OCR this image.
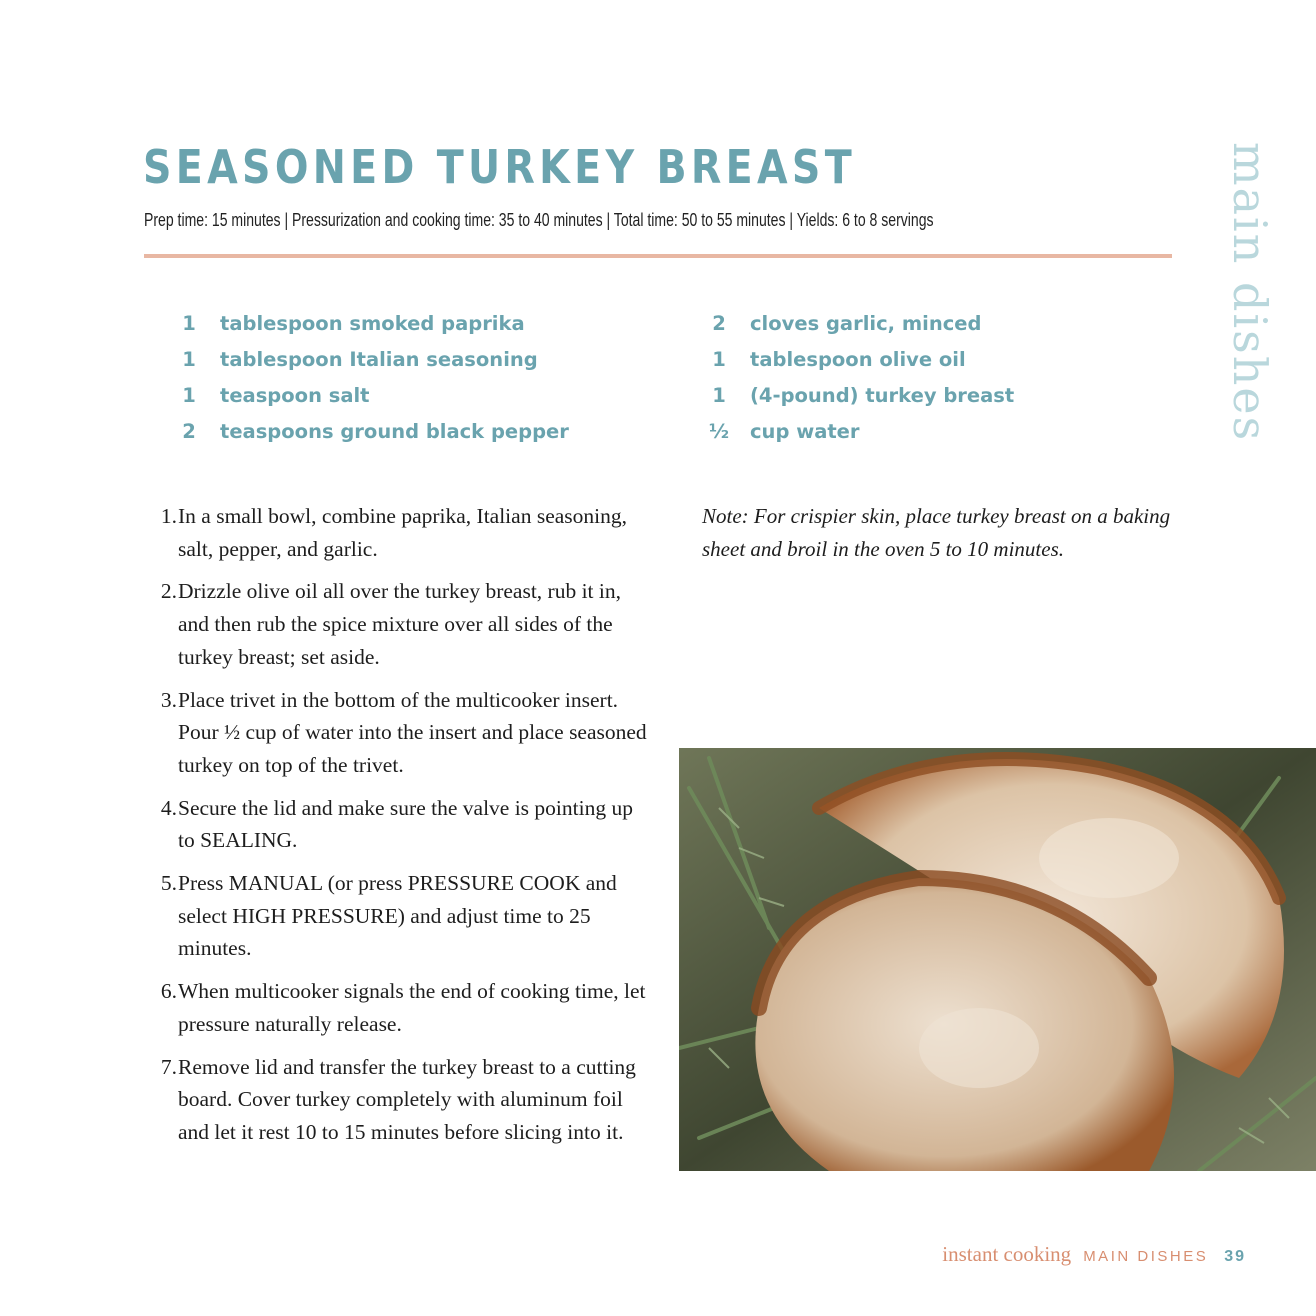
SEASONED TURKEY BREAST
Prep time: 15 minutes | Pressurization and cooking time: 35 to 40 minutes | Total time: 50 to 55 minutes | Yields: 6 to 8 servings	main dishes
1	tablespoon smoked paprika
1	tablespoon Italian seasoning
1	teaspoon salt
2	teaspoons ground black pepper
2	cloves garlic, minced
1	tablespoon olive oil
1	(4-pound) turkey breast
½	cup water
1. In a small bowl, combine paprika, Italian seasoning, salt, pepper, and garlic.
2. Drizzle olive oil all over the turkey breast, rub it in, and then rub the spice mixture over all sides of the turkey breast; set aside.
3. Place trivet in the bottom of the multicooker insert. Pour ½ cup of water into the insert and place seasoned turkey on top of the trivet.
4. Secure the lid and make sure the valve is pointing up to SEALING.
5. Press MANUAL (or press PRESSURE COOK and select HIGH PRESSURE) and adjust time to 25 minutes.
6. When multicooker signals the end of cooking time, let pressure naturally release.
7. Remove lid and transfer the turkey breast to a cutting board. Cover turkey completely with aluminum foil and let it rest 10 to 15 minutes before slicing into it.
Note: For crispier skin, place turkey breast on a baking sheet and broil in the oven 5 to 10 minutes.
instant cooking MAIN DISHES 39
